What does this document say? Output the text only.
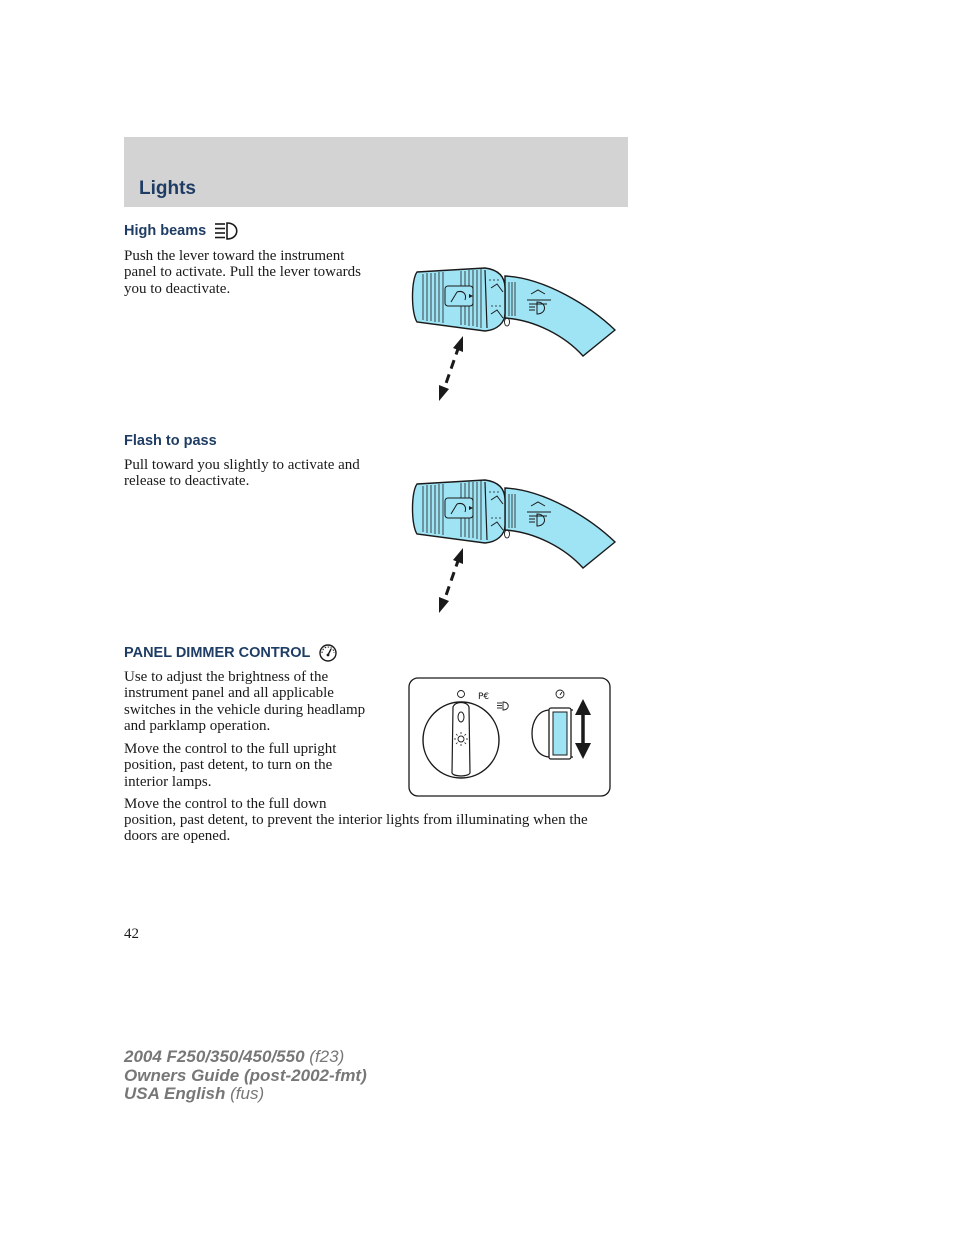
Lights
High beams

Push the lever toward the instrument panel to activate. Pull the lever towards you to deactivate.

Flash to pass

Pull toward you slightly to activate and release to deactivate.

PANEL DIMMER CONTROL

Use to adjust the brightness of the instrument panel and all applicable switches in the vehicle during headlamp and parklamp operation.

Move the control to the full upright position, past detent, to turn on the interior lamps.

Move the control to the full down

position, past detent, to prevent the interior lights from illuminating when the doors are opened.

P€
42
2004 F250/350/450/550 (f23)
Owners Guide (post-2002-fmt)
USA English (fus)
